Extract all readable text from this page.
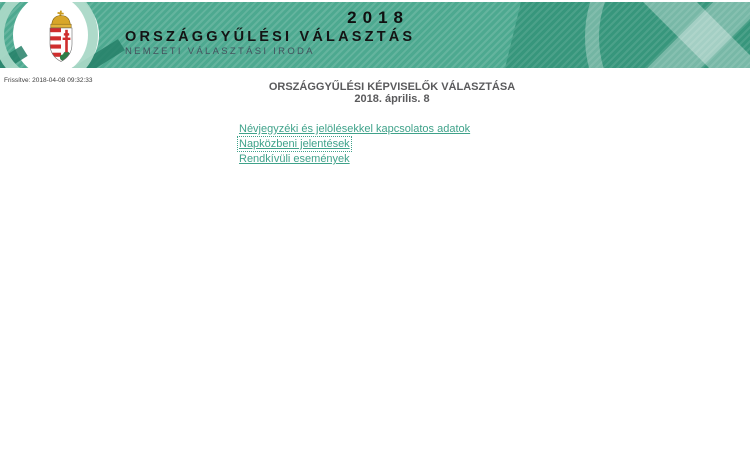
2018
ORSZÁGGYŰLÉSI VÁLASZTÁS
NEMZETI VÁLASZTÁSI IRODA
Frissítve: 2018-04-08 09:32:33
ORSZÁGGYŰLÉSI KÉPVISELŐK VÁLASZTÁSA
2018. április. 8
Névjegyzéki és jelölésekkel kapcsolatos adatok
Napközbeni jelentések
Rendkívüli események
